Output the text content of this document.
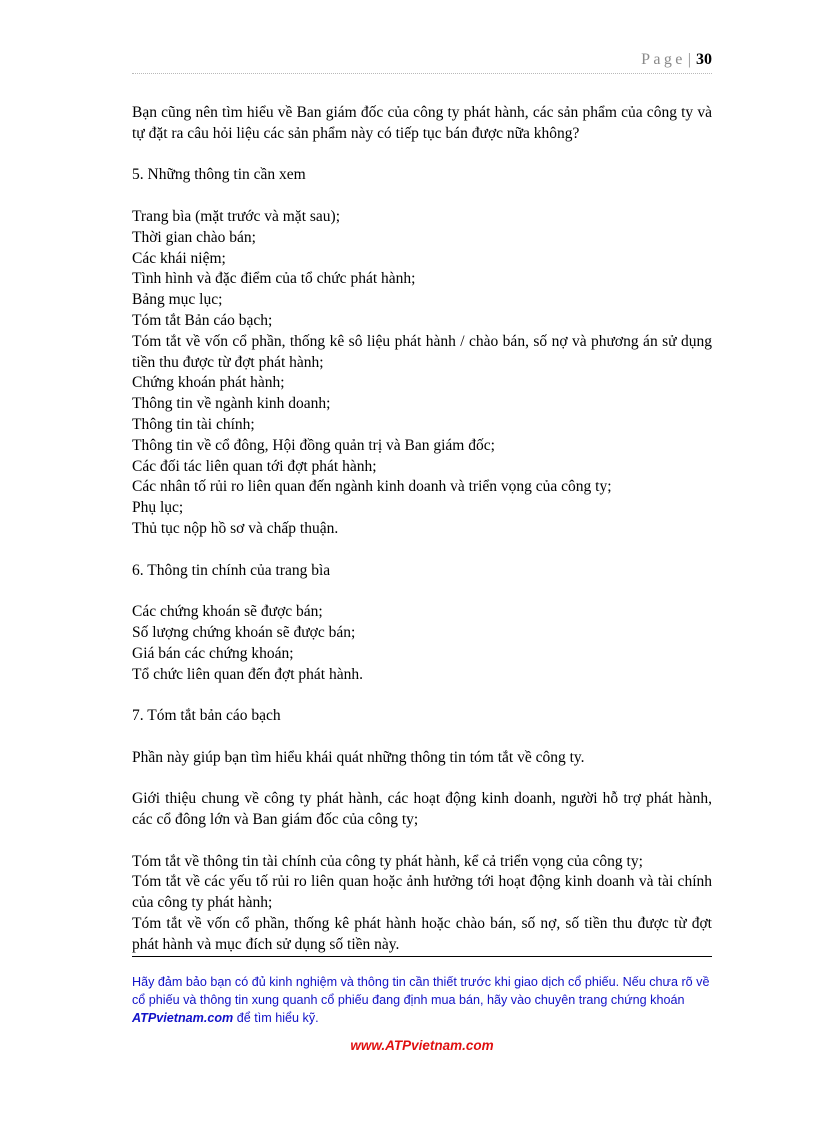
Page | 30

Bạn cũng nên tìm hiểu về Ban giám đốc của công ty phát hành, các sản phẩm của công ty và tự đặt ra câu hỏi liệu các sản phẩm này có tiếp tục bán được nữa không?

5. Những thông tin cần xem

Trang bìa (mặt trước và mặt sau);

Thời gian chào bán;

Các khái niệm;

Tình hình và đặc điểm của tổ chức phát hành;

Bảng mục lục;

Tóm tắt Bản cáo bạch;

Tóm tắt về vốn cổ phần, thống kê sô liệu phát hành / chào bán, số nợ và phương án sử dụng tiền thu được từ đợt phát hành;

Chứng khoán phát hành;

Thông tin về ngành kinh doanh;

Thông tin tài chính;

Thông tin về cổ đông, Hội đồng quản trị và Ban giám đốc;

Các đối tác liên quan tới đợt phát hành;

Các nhân tố rủi ro liên quan đến ngành kinh doanh và triển vọng của công ty;

Phụ lục;

Thủ tục nộp hồ sơ và chấp thuận.

6. Thông tin chính của trang bìa

Các chứng khoán sẽ được bán;

Số lượng chứng khoán sẽ được bán;

Giá bán các chứng khoán;

Tổ chức liên quan đến đợt phát hành.

7. Tóm tắt bản cáo bạch

Phần này giúp bạn tìm hiểu khái quát những thông tin tóm tắt về công ty.

Giới thiệu chung về công ty phát hành, các hoạt động kinh doanh, người hỗ trợ phát hành, các cổ đông lớn và Ban giám đốc của công ty;

Tóm tắt về thông tin tài chính của công ty phát hành, kể cả triển vọng của công ty;

Tóm tắt về các yếu tố rủi ro liên quan hoặc ảnh hưởng tới hoạt động kinh doanh và tài chính của công ty phát hành;

Tóm tắt về vốn cổ phần, thống kê phát hành hoặc chào bán, số nợ, số tiền thu được từ đợt phát hành và mục đích sử dụng số tiền này.

Hãy đảm bảo bạn có đủ kinh nghiệm và thông tin cần thiết trước khi giao dịch cổ phiếu. Nếu chưa rõ về cổ phiếu và thông tin xung quanh cổ phiếu đang định mua bán, hãy vào chuyên trang chứng khoán ATPvietnam.com để tìm hiểu kỹ.
www.ATPvietnam.com
